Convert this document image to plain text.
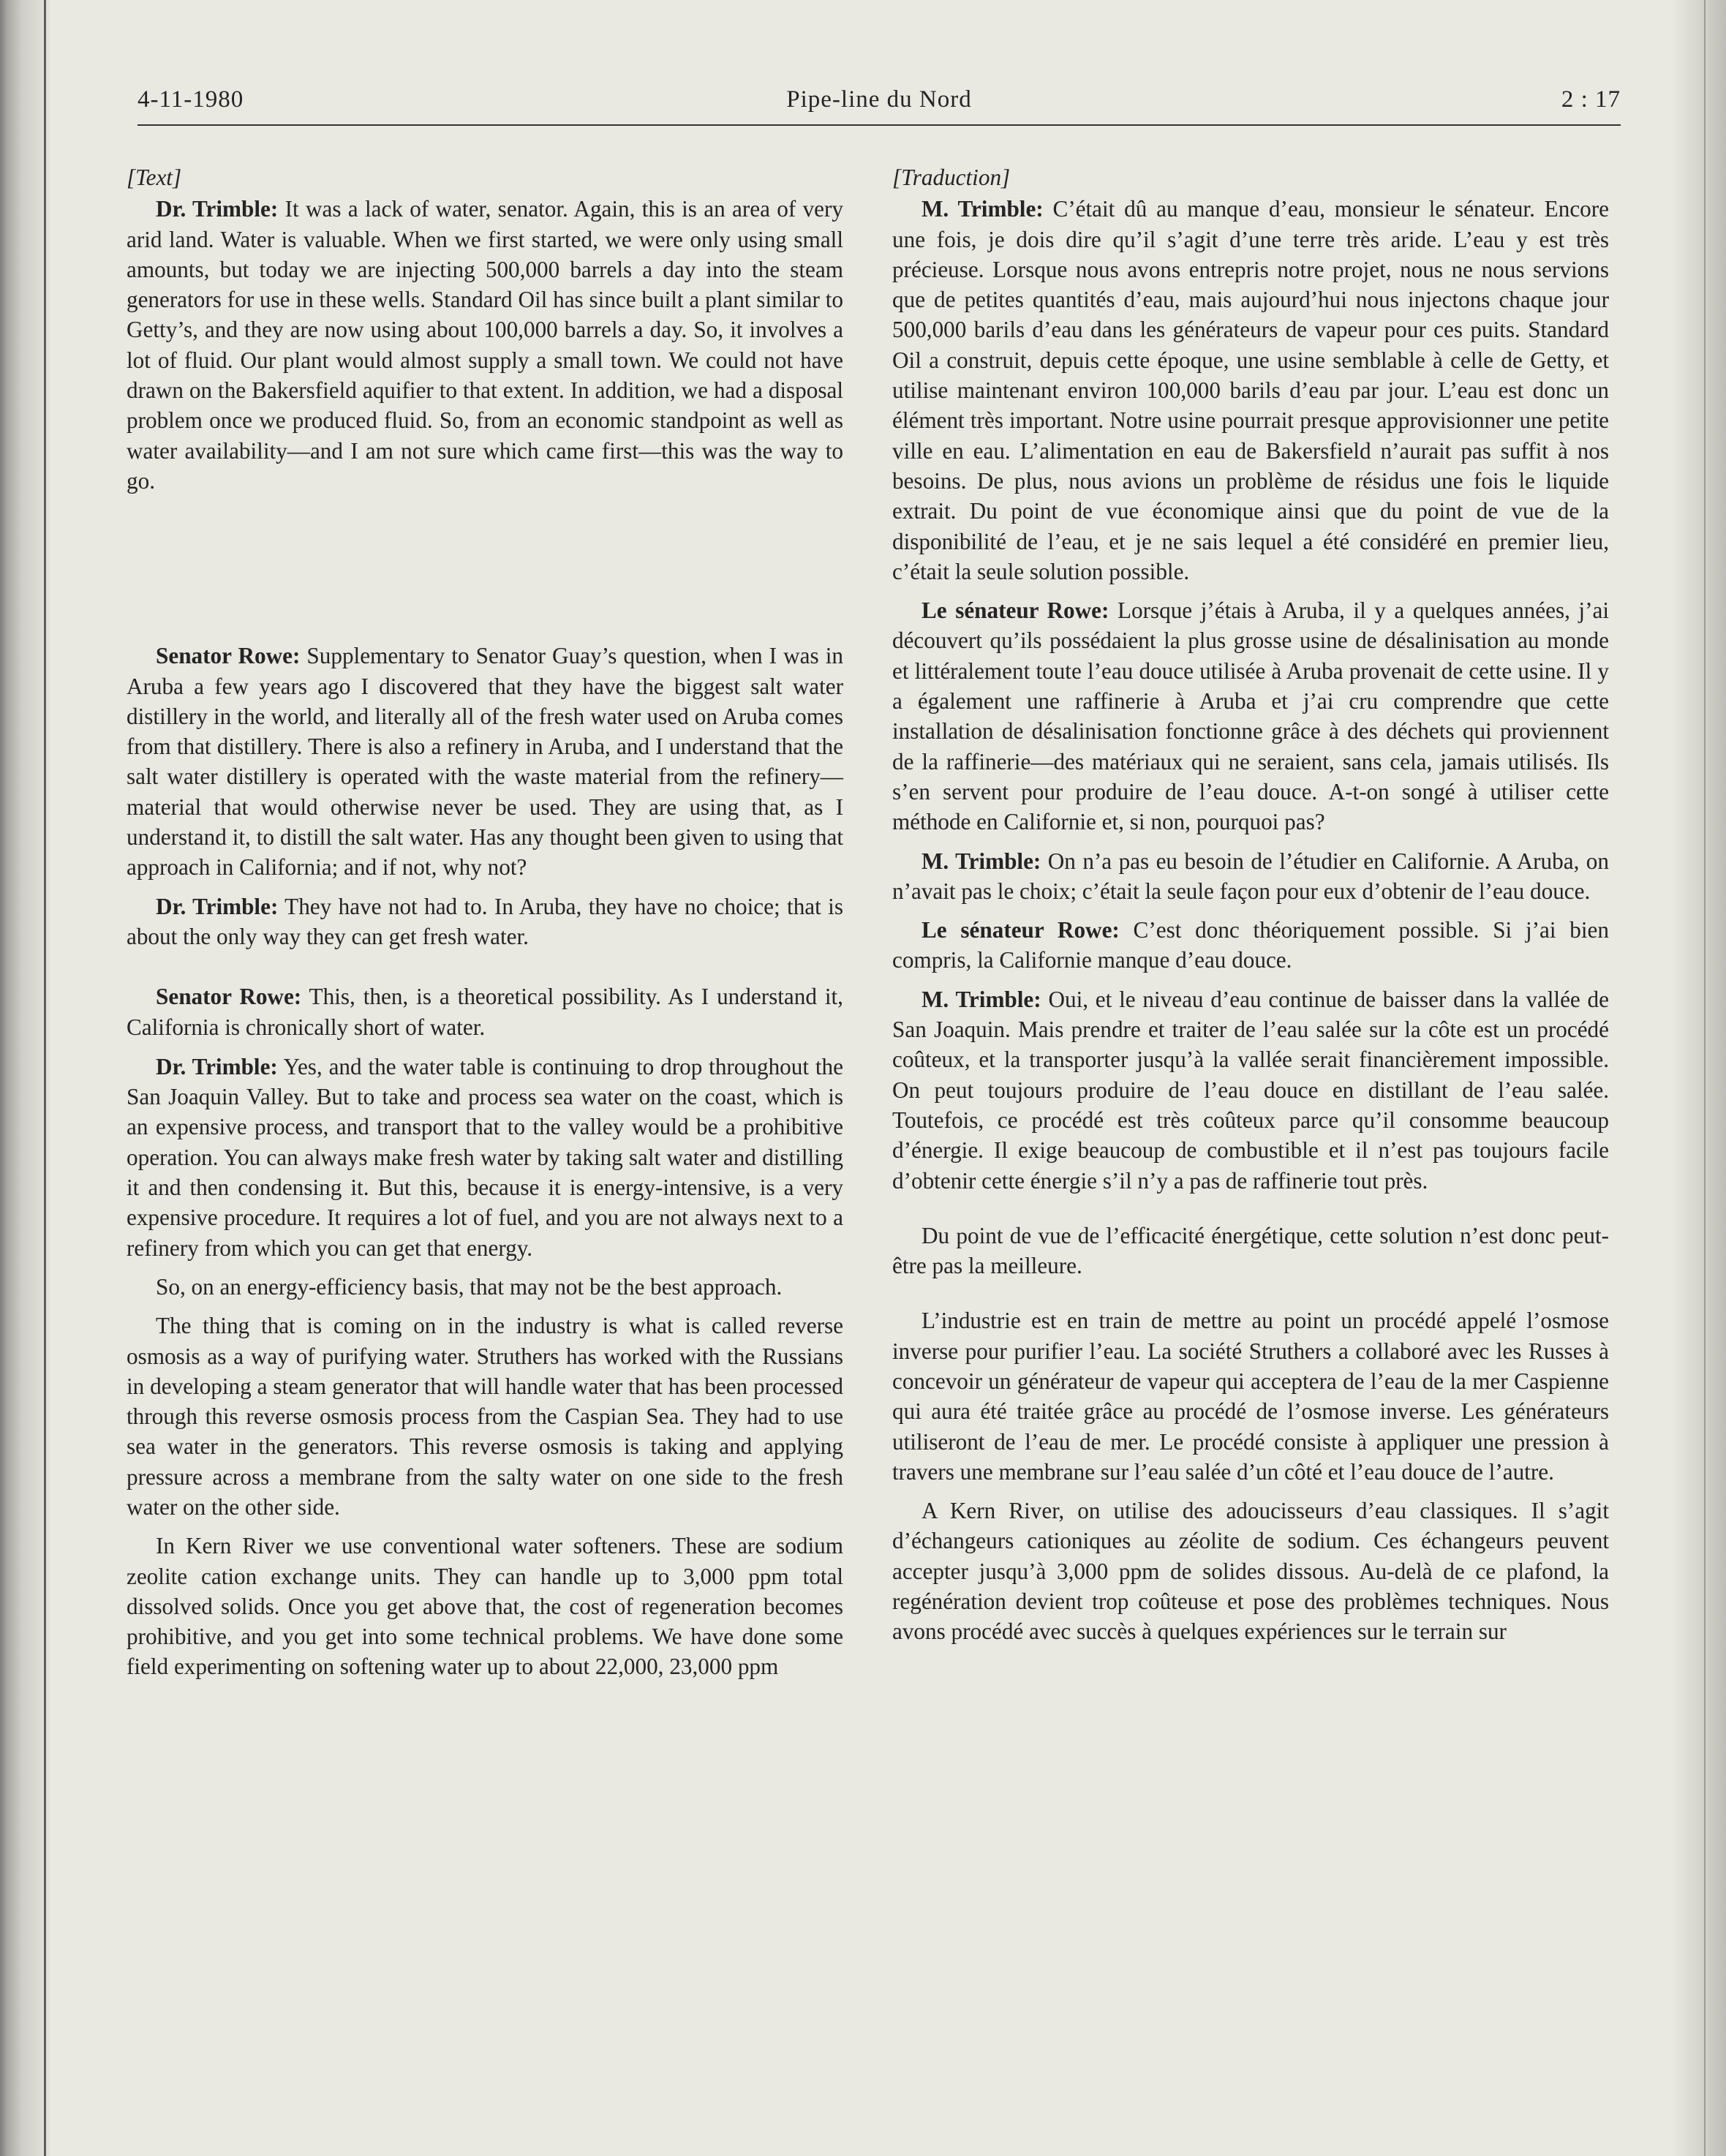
4-11-1980	Pipe-line du Nord	2 : 17

[Text]

Dr. Trimble: It was a lack of water, senator. Again, this is an area of very arid land. Water is valuable. When we first started, we were only using small amounts, but today we are injecting 500,000 barrels a day into the steam generators for use in these wells. Standard Oil has since built a plant similar to Getty’s, and they are now using about 100,000 barrels a day. So, it involves a lot of fluid. Our plant would almost supply a small town. We could not have drawn on the Bakersfield aquifier to that extent. In addition, we had a disposal problem once we produced fluid. So, from an economic standpoint as well as water availability—and I am not sure which came first—this was the way to go.

Senator Rowe: Supplementary to Senator Guay’s question, when I was in Aruba a few years ago I discovered that they have the biggest salt water distillery in the world, and literally all of the fresh water used on Aruba comes from that distillery. There is also a refinery in Aruba, and I understand that the salt water distillery is operated with the waste material from the refinery—material that would otherwise never be used. They are using that, as I understand it, to distill the salt water. Has any thought been given to using that approach in California; and if not, why not?

Dr. Trimble: They have not had to. In Aruba, they have no choice; that is about the only way they can get fresh water.

Senator Rowe: This, then, is a theoretical possibility. As I understand it, California is chronically short of water.

Dr. Trimble: Yes, and the water table is continuing to drop throughout the San Joaquin Valley. But to take and process sea water on the coast, which is an expensive process, and transport that to the valley would be a prohibitive operation. You can always make fresh water by taking salt water and distilling it and then condensing it. But this, because it is energy-intensive, is a very expensive procedure. It requires a lot of fuel, and you are not always next to a refinery from which you can get that energy.

So, on an energy-efficiency basis, that may not be the best approach.

The thing that is coming on in the industry is what is called reverse osmosis as a way of purifying water. Struthers has worked with the Russians in developing a steam generator that will handle water that has been processed through this reverse osmosis process from the Caspian Sea. They had to use sea water in the generators. This reverse osmosis is taking and applying pressure across a membrane from the salty water on one side to the fresh water on the other side.

In Kern River we use conventional water softeners. These are sodium zeolite cation exchange units. They can handle up to 3,000 ppm total dissolved solids. Once you get above that, the cost of regeneration becomes prohibitive, and you get into some technical problems. We have done some field experimenting on softening water up to about 22,000, 23,000 ppm

[Traduction]

M. Trimble: C’était dû au manque d’eau, monsieur le sénateur. Encore une fois, je dois dire qu’il s’agit d’une terre très aride. L’eau y est très précieuse. Lorsque nous avons entrepris notre projet, nous ne nous servions que de petites quantités d’eau, mais aujourd’hui nous injectons chaque jour 500,000 barils d’eau dans les générateurs de vapeur pour ces puits. Standard Oil a construit, depuis cette époque, une usine semblable à celle de Getty, et utilise maintenant environ 100,000 barils d’eau par jour. L’eau est donc un élément très important. Notre usine pourrait presque approvisionner une petite ville en eau. L’alimentation en eau de Bakersfield n’aurait pas suffit à nos besoins. De plus, nous avions un problème de résidus une fois le liquide extrait. Du point de vue économique ainsi que du point de vue de la disponibilité de l’eau, et je ne sais lequel a été considéré en premier lieu, c’était la seule solution possible.

Le sénateur Rowe: Lorsque j’étais à Aruba, il y a quelques années, j’ai découvert qu’ils possédaient la plus grosse usine de désalinisation au monde et littéralement toute l’eau douce utilisée à Aruba provenait de cette usine. Il y a également une raffinerie à Aruba et j’ai cru comprendre que cette installation de désalinisation fonctionne grâce à des déchets qui proviennent de la raffinerie—des matériaux qui ne seraient, sans cela, jamais utilisés. Ils s’en servent pour produire de l’eau douce. A-t-on songé à utiliser cette méthode en Californie et, si non, pourquoi pas?

M. Trimble: On n’a pas eu besoin de l’étudier en Californie. A Aruba, on n’avait pas le choix; c’était la seule façon pour eux d’obtenir de l’eau douce.

Le sénateur Rowe: C’est donc théoriquement possible. Si j’ai bien compris, la Californie manque d’eau douce.

M. Trimble: Oui, et le niveau d’eau continue de baisser dans la vallée de San Joaquin. Mais prendre et traiter de l’eau salée sur la côte est un procédé coûteux, et la transporter jusqu’à la vallée serait financièrement impossible. On peut toujours produire de l’eau douce en distillant de l’eau salée. Toutefois, ce procédé est très coûteux parce qu’il consomme beaucoup d’énergie. Il exige beaucoup de combustible et il n’est pas toujours facile d’obtenir cette énergie s’il n’y a pas de raffinerie tout près.

Du point de vue de l’efficacité énergétique, cette solution n’est donc peut-être pas la meilleure.

L’industrie est en train de mettre au point un procédé appelé l’osmose inverse pour purifier l’eau. La société Struthers a collaboré avec les Russes à concevoir un générateur de vapeur qui acceptera de l’eau de la mer Caspienne qui aura été traitée grâce au procédé de l’osmose inverse. Les générateurs utiliseront de l’eau de mer. Le procédé consiste à appliquer une pression à travers une membrane sur l’eau salée d’un côté et l’eau douce de l’autre.

A Kern River, on utilise des adoucisseurs d’eau classiques. Il s’agit d’échangeurs cationiques au zéolite de sodium. Ces échangeurs peuvent accepter jusqu’à 3,000 ppm de solides dissous. Au-delà de ce plafond, la regénération devient trop coûteuse et pose des problèmes techniques. Nous avons procédé avec succès à quelques expériences sur le terrain sur
